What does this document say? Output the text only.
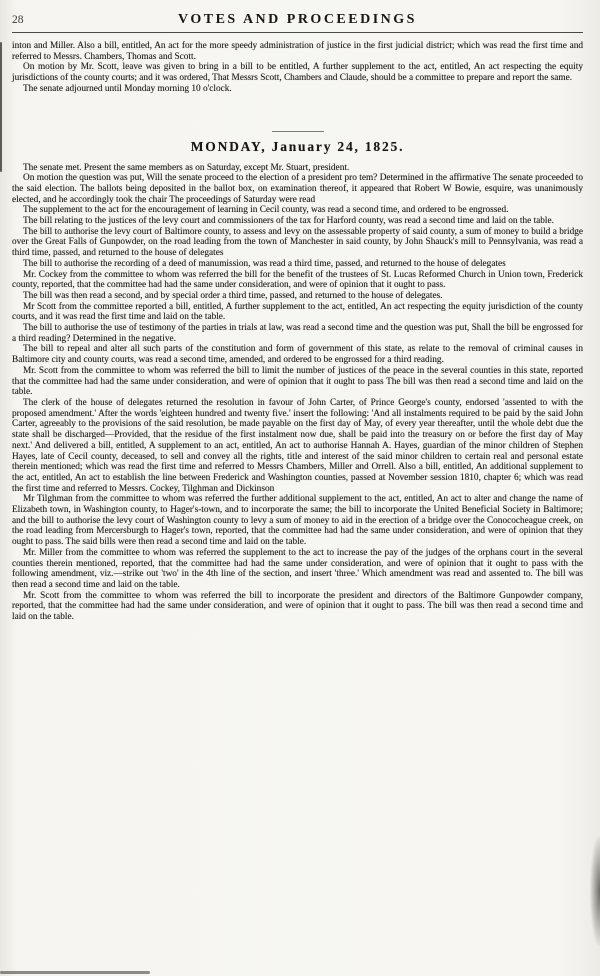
28	VOTES AND PROCEEDINGS

inton and Miller. Also a bill, entitled, An act for the more speedy administration of justice in the first judicial district; which was read the first time and referred to Messrs. Chambers, Thomas and Scott.

On motion by Mr. Scott, leave was given to bring in a bill to be entitled, A further supplement to the act, entitled, An act respecting the equity jurisdictions of the county courts; and it was ordered, That Messrs Scott, Chambers and Claude, should be a committee to prepare and report the same.

The senate adjourned until Monday morning 10 o'clock.

MONDAY, January 24, 1825.

The senate met. Present the same members as on Saturday, except Mr. Stuart, president.

On motion the question was put, Will the senate proceed to the election of a president pro tem? Determined in the affirmative The senate proceeded to the said election. The ballots being deposited in the ballot box, on examination thereof, it appeared that Robert W Bowie, esquire, was unanimously elected, and he accordingly took the chair The proceedings of Saturday were read

The supplement to the act for the encouragement of learning in Cecil county, was read a second time, and ordered to be engrossed.

The bill relating to the justices of the levy court and commissioners of the tax for Harford county, was read a second time and laid on the table.

The bill to authorise the levy court of Baltimore county, to assess and levy on the assessable property of said county, a sum of money to build a bridge over the Great Falls of Gunpowder, on the road leading from the town of Manchester in said county, by John Shauck's mill to Pennsylvania, was read a third time, passed, and returned to the house of delegates

The bill to authorise the recording of a deed of manumission, was read a third time, passed, and returned to the house of delegates

Mr. Cockey from the committee to whom was referred the bill for the benefit of the trustees of St. Lucas Reformed Church in Union town, Frederick county, reported, that the committee had had the same under consideration, and were of opinion that it ought to pass.

The bill was then read a second, and by special order a third time, passed, and returned to the house of delegates.

Mr Scott from the committee reported a bill, entitled, A further supplement to the act, entitled, An act respecting the equity jurisdiction of the county courts, and it was read the first time and laid on the table.

The bill to authorise the use of testimony of the parties in trials at law, was read a second time and the question was put, Shall the bill be engrossed for a third reading? Determined in the negative.

The bill to repeal and alter all such parts of the constitution and form of government of this state, as relate to the removal of criminal causes in Baltimore city and county courts, was read a second time, amended, and ordered to be engrossed for a third reading.

Mr. Scott from the committee to whom was referred the bill to limit the number of justices of the peace in the several counties in this state, reported that the committee had had the same under consideration, and were of opinion that it ought to pass The bill was then read a second time and laid on the table.

The clerk of the house of delegates returned the resolution in favour of John Carter, of Prince George's county, endorsed 'assented to with the proposed amendment.' After the words 'eighteen hundred and twenty five.' insert the following: 'And all instalments required to be paid by the said John Carter, agreeably to the provisions of the said resolution, be made payable on the first day of May, of every year thereafter, until the whole debt due the state shall be discharged—Provided, that the residue of the first instalment now due, shall be paid into the treasury on or before the first day of May next.' And delivered a bill, entitled, A supplement to an act, entitled, An act to authorise Hannah A. Hayes, guardian of the minor children of Stephen Hayes, late of Cecil county, deceased, to sell and convey all the rights, title and interest of the said minor children to certain real and personal estate therein mentioned; which was read the first time and referred to Messrs Chambers, Miller and Orrell. Also a bill, entitled, An additional supplement to the act, entitled, An act to establish the line between Frederick and Washington counties, passed at November session 1810, chapter 6; which was read the first time and referred to Messrs. Cockey, Tilghman and Dickinson

Mr Tilghman from the committee to whom was referred the further additional supplement to the act, entitled, An act to alter and change the name of Elizabeth town, in Washington county, to Hager's-town, and to incorporate the same; the bill to incorporate the United Beneficial Society in Baltimore; and the bill to authorise the levy court of Washington county to levy a sum of money to aid in the erection of a bridge over the Conococheague creek, on the road leading from Mercersburgh to Hager's town, reported, that the committee had had the same under consideration, and were of opinion that they ought to pass. The said bills were then read a second time and laid on the table.

Mr. Miller from the committee to whom was referred the supplement to the act to increase the pay of the judges of the orphans court in the several counties therein mentioned, reported, that the committee had had the same under consideration, and were of opinion that it ought to pass with the following amendment, viz.—strike out 'two' in the 4th line of the section, and insert 'three.' Which amendment was read and assented to. The bill was then read a second time and laid on the table.

Mr. Scott from the committee to whom was referred the bill to incorporate the president and directors of the Baltimore Gunpowder company, reported, that the committee had had the same under consideration, and were of opinion that it ought to pass. The bill was then read a second time and laid on the table.
